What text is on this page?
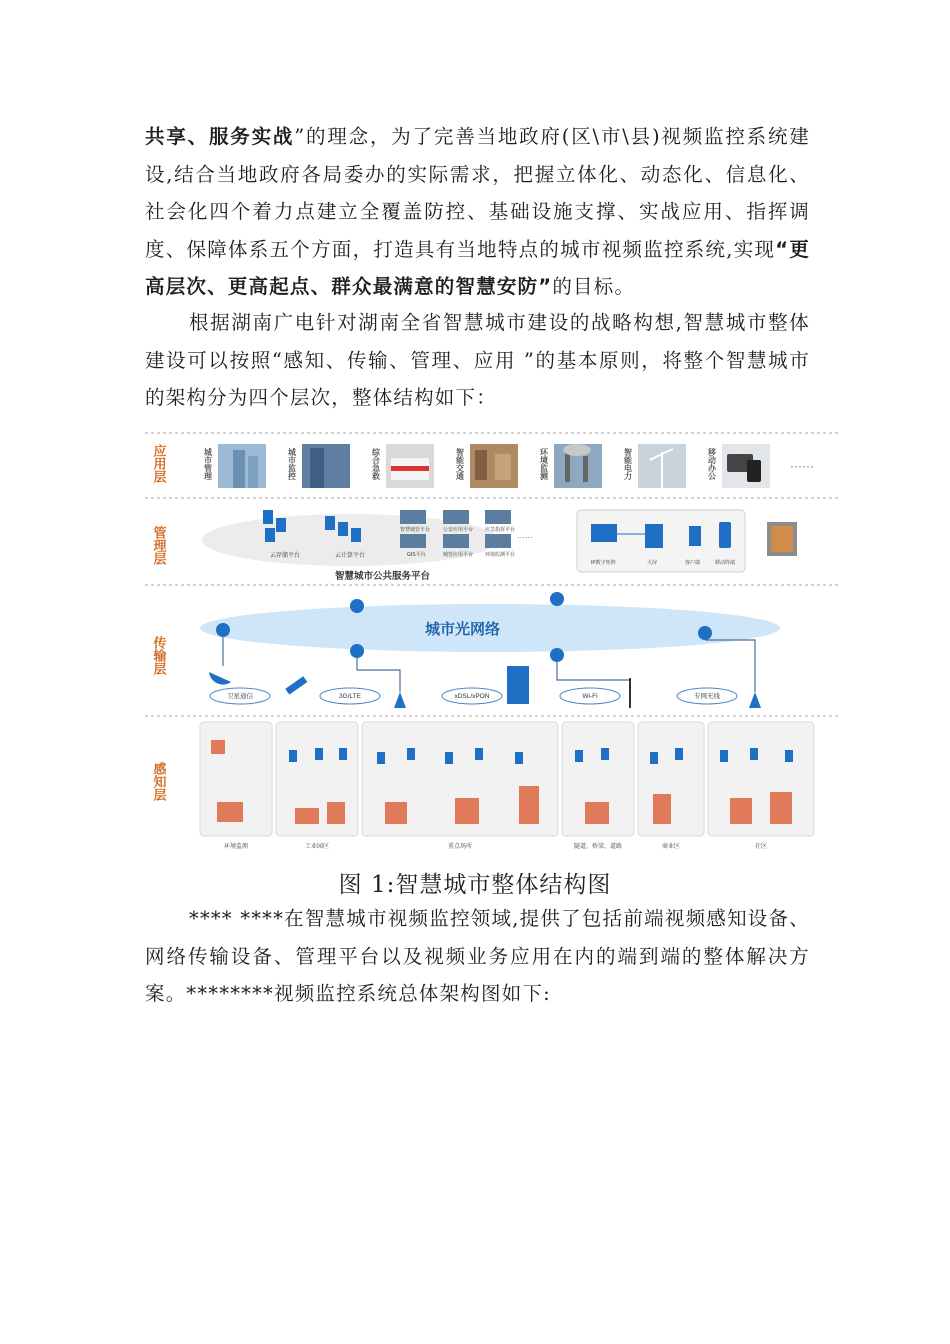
共享、服务实战”的理念，为了完善当地政府(区\市\县)视频监控系统建设,结合当地政府各局委办的实际需求，把握立体化、动态化、信息化、社会化四个着力点建立全覆盖防控、基础设施支撑、实战应用、指挥调度、保障体系五个方面，打造具有当地特点的城市视频监控系统,实现“更高层次、更高起点、群众最满意的智慧安防”的目标。

根据湖南广电针对湖南全省智慧城市建设的战略构想,智慧城市整体建设可以按照“感知、传输、管理、应用 ”的基本原则，将整个智慧城市的架构分为四个层次，整体结构如下：

应用层
管理层
传输层
感知层
城市管理	城市监控	综合急救	智能交通	环境监测	智能电力	移动办公	······
云存储平台	云计算平台
智慧城管平台	公安应用平台 应急指挥平台
GIS平台	城管应用平台 环境监测平台
······
智慧城市公共服务平台
IP数字矩阵	大屏	客户端	移动终端
城市光网络
卫星通信	3G/LTE	xDSL/xPON	Wi-Fi	专网无线
环境监测	工业园区	重点场所	隧道、桥梁、道路	商业区	社区
图 1:智慧城市整体结构图

**** ****在智慧城市视频监控领域,提供了包括前端视频感知设备、网络传输设备、管理平台以及视频业务应用在内的端到端的整体解决方案。********视频监控系统总体架构图如下:
